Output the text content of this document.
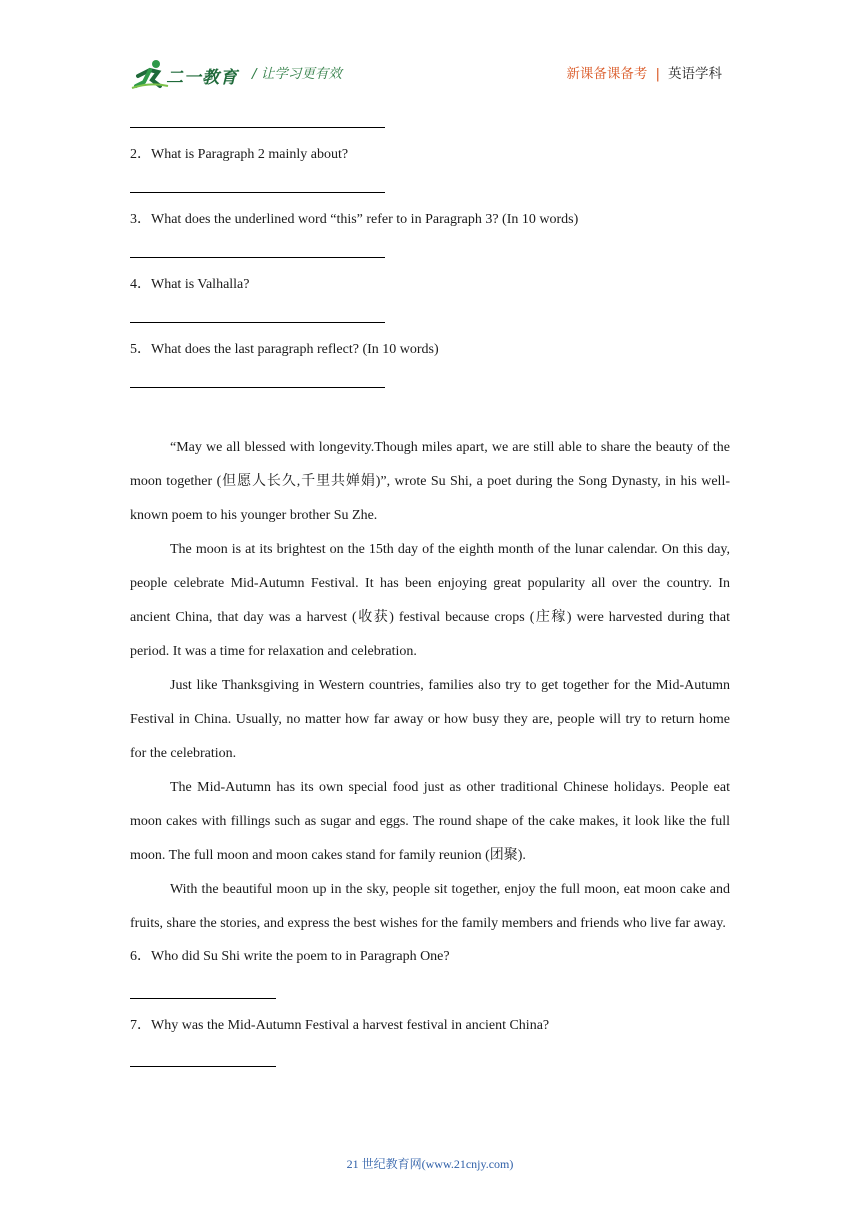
二一教育 / 让学习更有效	新课备课备考 | 英语学科

2．What is Paragraph 2 mainly about?

3．What does the underlined word “this” refer to in Paragraph 3? (In 10 words)

4．What is Valhalla?

5．What does the last paragraph reflect? (In 10 words)

“May we all blessed with longevity.Though miles apart, we are still able to share the beauty of the moon together (但愿人长久,千里共婵娟)”, wrote Su Shi, a poet during the Song Dynasty, in his well-known poem to his younger brother Su Zhe.

The moon is at its brightest on the 15th day of the eighth month of the lunar calendar. On this day, people celebrate Mid-Autumn Festival. It has been enjoying great popularity all over the country. In ancient China, that day was a harvest (收获) festival because crops (庄稼) were harvested during that period. It was a time for relaxation and celebration.

Just like Thanksgiving in Western countries, families also try to get together for the Mid-Autumn Festival in China. Usually, no matter how far away or how busy they are, people will try to return home for the celebration.

The Mid-Autumn has its own special food just as other traditional Chinese holidays. People eat moon cakes with fillings such as sugar and eggs. The round shape of the cake makes, it look like the full moon. The full moon and moon cakes stand for family reunion (团聚).

With the beautiful moon up in the sky, people sit together, enjoy the full moon, eat moon cake and fruits, share the stories, and express the best wishes for the family members and friends who live far away.

6．Who did Su Shi write the poem to in Paragraph One?

7．Why was the Mid-Autumn Festival a harvest festival in ancient China?

21 世纪教育网(www.21cnjy.com)
